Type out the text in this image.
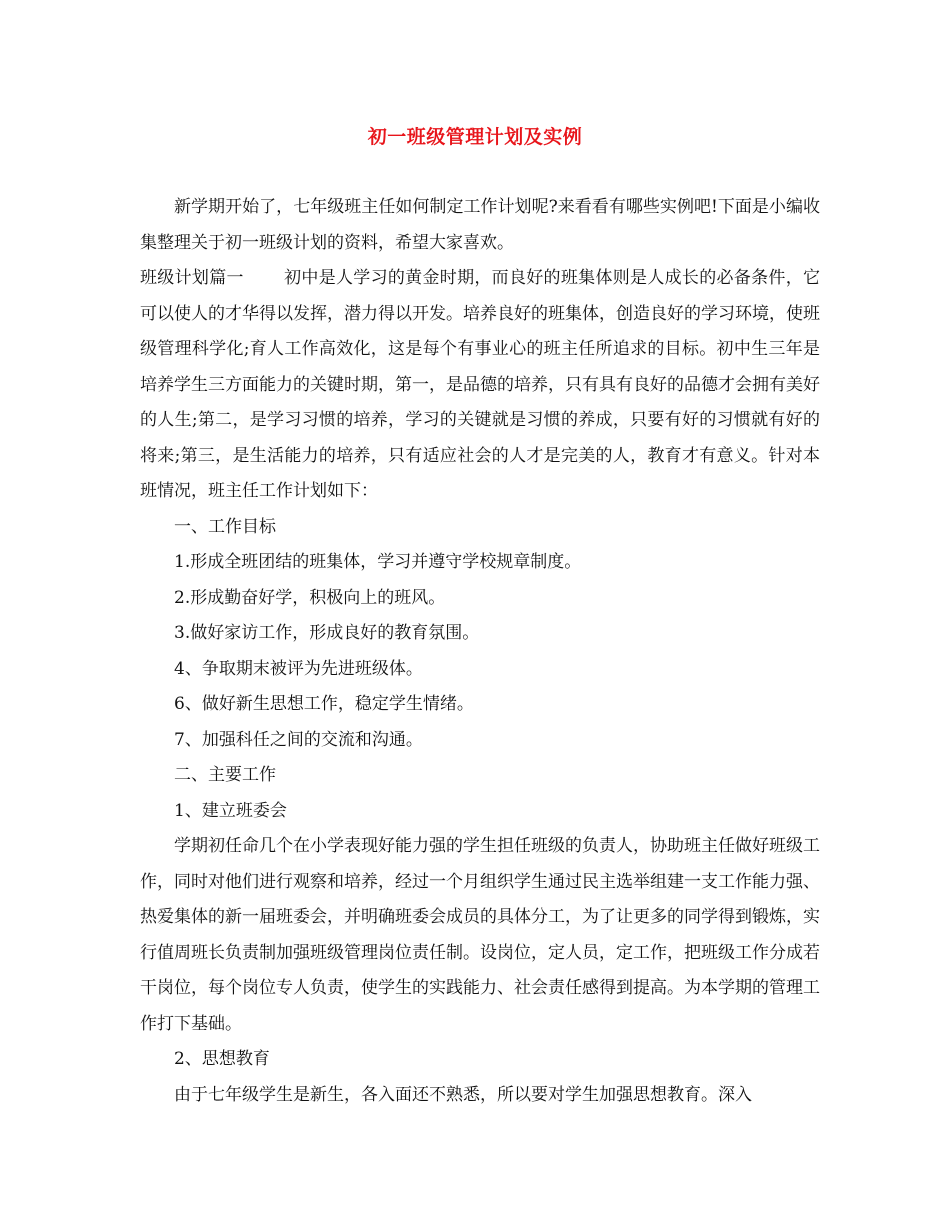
初一班级管理计划及实例

新学期开始了，七年级班主任如何制定工作计划呢?来看看有哪些实例吧!下面是小编收集整理关于初一班级计划的资料，希望大家喜欢。

班级计划篇一 初中是人学习的黄金时期，而良好的班集体则是人成长的必备条件，它可以使人的才华得以发挥，潜力得以开发。培养良好的班集体，创造良好的学习环境，使班级管理科学化;育人工作高效化，这是每个有事业心的班主任所追求的目标。初中生三年是培养学生三方面能力的关键时期，第一，是品德的培养，只有具有良好的品德才会拥有美好的人生;第二，是学习习惯的培养，学习的关键就是习惯的养成，只要有好的习惯就有好的将来;第三，是生活能力的培养，只有适应社会的人才是完美的人，教育才有意义。针对本班情况，班主任工作计划如下：

一、工作目标

1.形成全班团结的班集体，学习并遵守学校规章制度。

2.形成勤奋好学，积极向上的班风。

3.做好家访工作，形成良好的教育氛围。

4、争取期末被评为先进班级体。

6、做好新生思想工作，稳定学生情绪。

7、加强科任之间的交流和沟通。

二、主要工作

1、建立班委会

学期初任命几个在小学表现好能力强的学生担任班级的负责人，协助班主任做好班级工作，同时对他们进行观察和培养，经过一个月组织学生通过民主选举组建一支工作能力强、热爱集体的新一届班委会，并明确班委会成员的具体分工，为了让更多的同学得到锻炼，实行值周班长负责制加强班级管理岗位责任制。设岗位，定人员，定工作，把班级工作分成若干岗位，每个岗位专人负责，使学生的实践能力、社会责任感得到提高。为本学期的管理工作打下基础。

2、思想教育

由于七年级学生是新生，各入面还不熟悉，所以要对学生加强思想教育。深入
